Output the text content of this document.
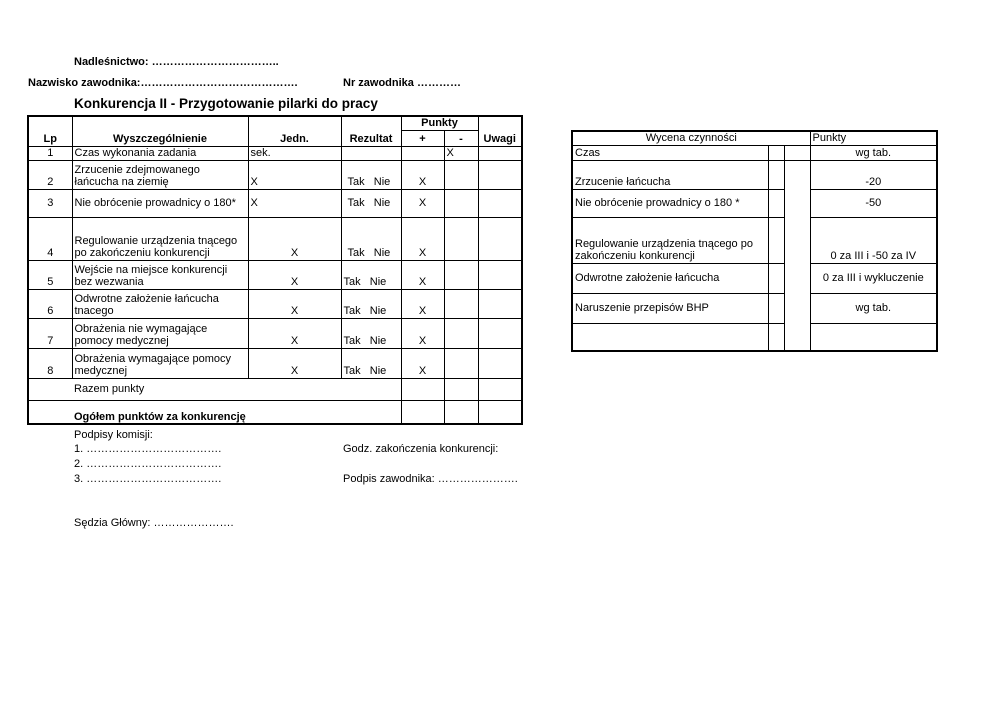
Nadleśnictwo: ……………………………..
Nazwisko zawodnika:…………………………………….	Nr zawodnika …………
Konkurencja II - Przygotowanie pilarki do pracy
				Punkty		
Lp	Wyszczególnienie	Jedn.	Rezultat	+	-	Uwagi
1	Czas wykonania zadania	sek.			X	
2	Zrzucenie zdejmowanego
łańcucha na ziemię	X	Tak   Nie	X		
3	Nie obrócenie prowadnicy o 180*	X	Tak   Nie	X		
4	Regulowanie urządzenia tnącego
po zakończeniu konkurencji	X	Tak   Nie	X		
5	Wejście na miejsce konkurencji
bez wezwania	X	Tak   Nie	X		
6	Odwrotne założenie łańcucha
tnacego	X	Tak   Nie	X		
7	Obrażenia nie wymagające
pomocy medycznej	X	Tak   Nie	X		
8	Obrażenia wymagające pomocy
medycznej	X	Tak   Nie	X		
	Razem punkty					
	Ogółem punktów za konkurencję					
Wycena czynności			Punkty
Czas			wg tab.
Zrzucenie łańcucha			-20
Nie obrócenie prowadnicy o 180 *			-50

Regulowanie urządzenia tnącego po
zakończeniu konkurencji			0 za III i -50 za IV
Odwrotne założenie łańcucha			0 za III i wykluczenie
Naruszenie przepisów BHP			wg tab.

Podpisy komisji:
1. ……………………………….
2. ……………………………….
3. ……………………………….
Godz. zakończenia konkurencji:
Podpis zawodnika: ………………….
Sędzia Główny: ………………….
